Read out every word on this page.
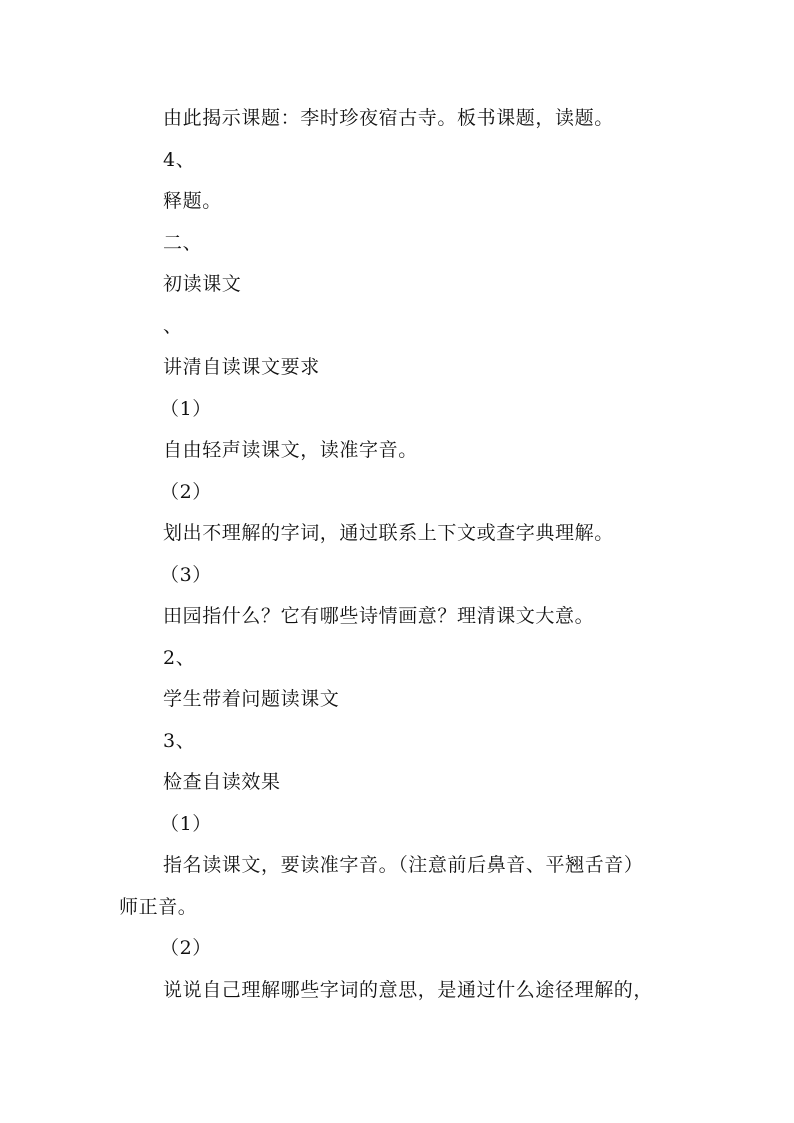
由此揭示课题：李时珍夜宿古寺。板书课题，读题。
4、
释题。
二、
初读课文
、
讲清自读课文要求
（1）
自由轻声读课文，读准字音。
（2）
划出不理解的字词，通过联系上下文或查字典理解。
（3）
田园指什么？它有哪些诗情画意？理清课文大意。
2、
学生带着问题读课文
3、
检查自读效果
（1）
指名读课文，要读准字音。（注意前后鼻音、平翘舌音）
师正音。
（2）
说说自己理解哪些字词的意思，是通过什么途径理解的，
